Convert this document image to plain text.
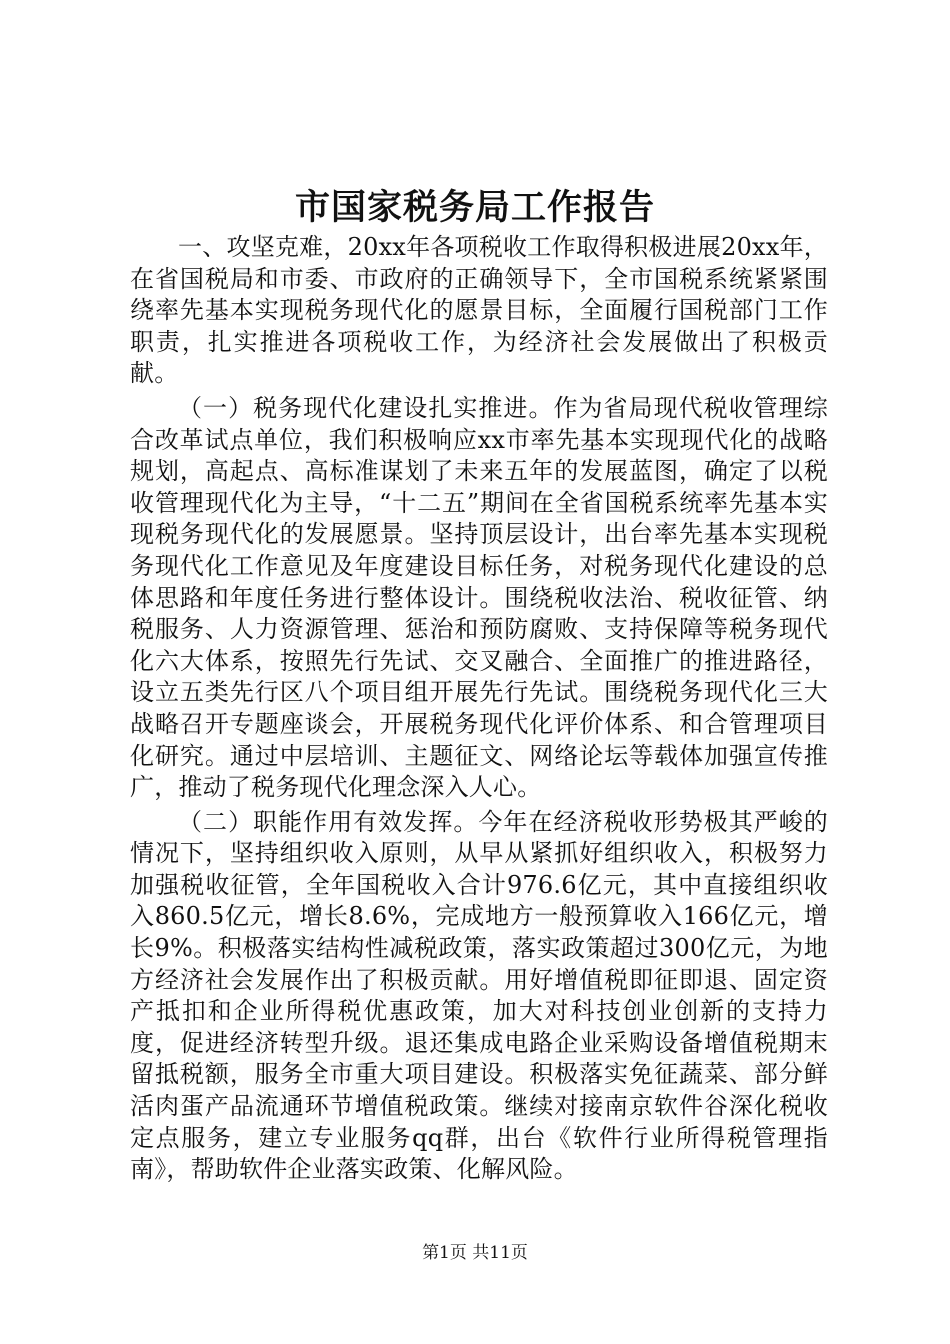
市国家税务局工作报告

一、攻坚克难，20xx年各项税收工作取得积极进展20xx年，在省国税局和市委、市政府的正确领导下，全市国税系统紧紧围绕率先基本实现税务现代化的愿景目标，全面履行国税部门工作职责，扎实推进各项税收工作，为经济社会发展做出了积极贡献。

（一）税务现代化建设扎实推进。作为省局现代税收管理综合改革试点单位，我们积极响应xx市率先基本实现现代化的战略规划，高起点、高标准谋划了未来五年的发展蓝图，确定了以税收管理现代化为主导，“十二五”期间在全省国税系统率先基本实现税务现代化的发展愿景。坚持顶层设计，出台率先基本实现税务现代化工作意见及年度建设目标任务，对税务现代化建设的总体思路和年度任务进行整体设计。围绕税收法治、税收征管、纳税服务、人力资源管理、惩治和预防腐败、支持保障等税务现代化六大体系，按照先行先试、交叉融合、全面推广的推进路径，设立五类先行区八个项目组开展先行先试。围绕税务现代化三大战略召开专题座谈会，开展税务现代化评价体系、和合管理项目化研究。通过中层培训、主题征文、网络论坛等载体加强宣传推广，推动了税务现代化理念深入人心。

（二）职能作用有效发挥。今年在经济税收形势极其严峻的情况下，坚持组织收入原则，从早从紧抓好组织收入，积极努力加强税收征管，全年国税收入合计976.6亿元，其中直接组织收入860.5亿元，增长8.6%，完成地方一般预算收入166亿元，增长9%。积极落实结构性减税政策，落实政策超过300亿元，为地方经济社会发展作出了积极贡献。用好增值税即征即退、固定资产抵扣和企业所得税优惠政策，加大对科技创业创新的支持力度，促进经济转型升级。退还集成电路企业采购设备增值税期末留抵税额，服务全市重大项目建设。积极落实免征蔬菜、部分鲜活肉蛋产品流通环节增值税政策。继续对接南京软件谷深化税收定点服务，建立专业服务qq群，出台《软件行业所得税管理指南》，帮助软件企业落实政策、化解风险。

第1页 共11页
